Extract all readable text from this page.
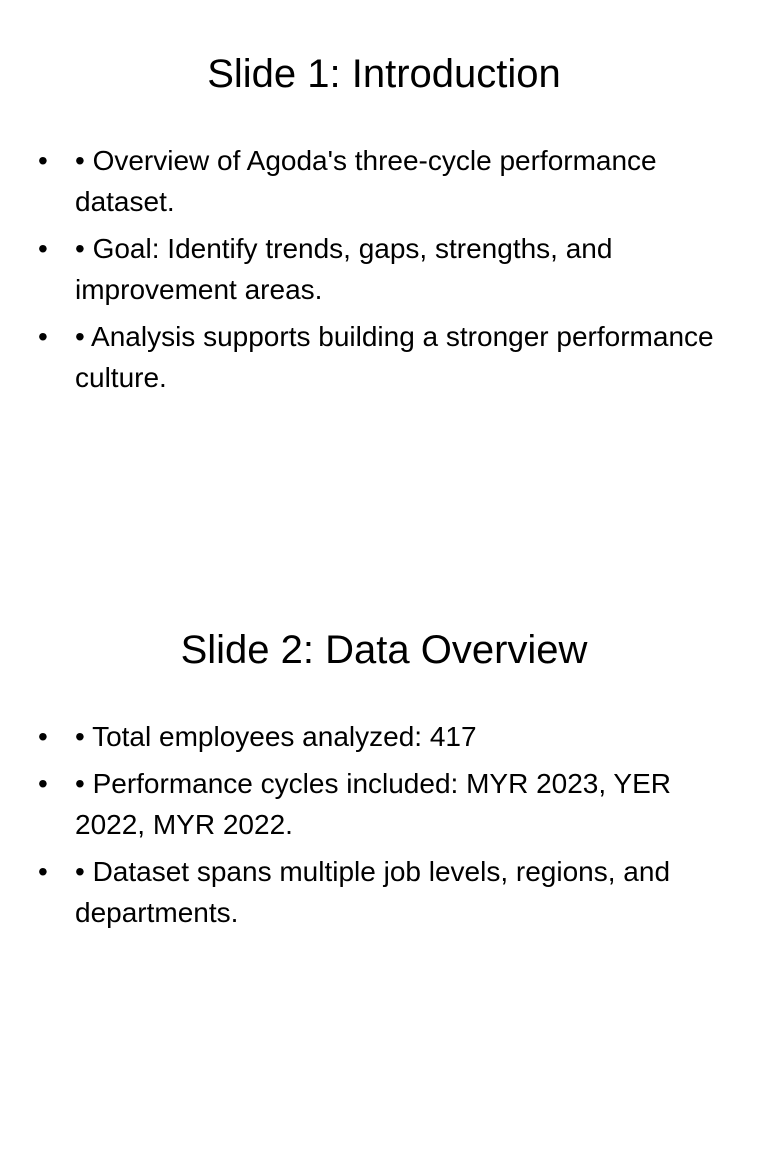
Slide 1: Introduction
• • Overview of Agoda's three-cycle performance dataset.
• • Goal: Identify trends, gaps, strengths, and improvement areas.
• • Analysis supports building a stronger performance culture.
Slide 2: Data Overview
• • Total employees analyzed: 417
• • Performance cycles included: MYR 2023, YER 2022, MYR 2022.
• • Dataset spans multiple job levels, regions, and departments.
